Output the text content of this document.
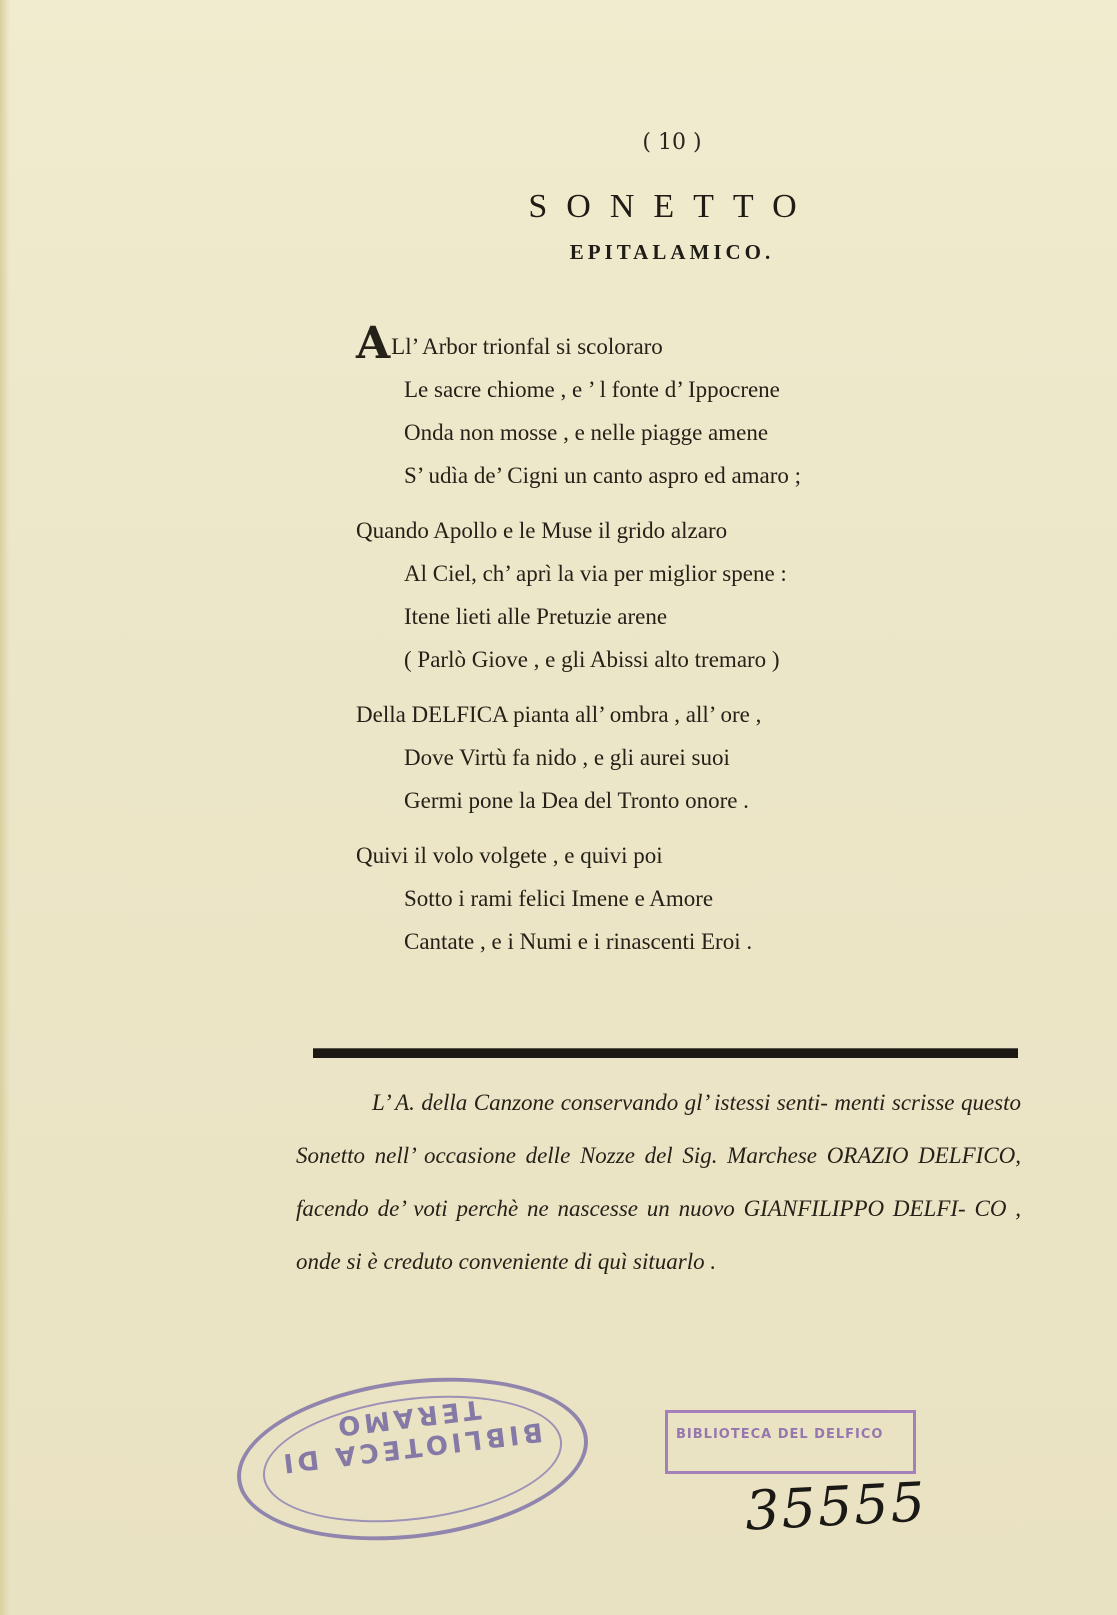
( 10 )
SONETTO
EPITALAMICO.
ALl’ Arbor trionfal si scoloraro
Le sacre chiome , e ’ l fonte d’ Ippocrene
Onda non mosse , e nelle piagge amene
S’ udìa de’ Cigni un canto aspro ed amaro ;
Quando Apollo e le Muse il grido alzaro
Al Ciel, ch’ aprì la via per miglior spene :
Itene lieti alle Pretuzie arene
( Parlò Giove , e gli Abissi alto tremaro )
Della DELFICA pianta all’ ombra , all’ ore ,
Dove Virtù fa nido , e gli aurei suoi
Germi pone la Dea del Tronto onore .
Quivi il volo volgete , e quivi poi
Sotto i rami felici Imene e Amore
Cantate , e i Numi e i rinascenti Eroi .

L’ A. della Canzone conservando gl’ istessi senti- menti scrisse questo Sonetto nell’ occasione delle Nozze del Sig. Marchese ORAZIO DELFICO, facendo de’ voti perchè ne nascesse un nuovo GIANFILIPPO DELFI- CO , onde si è creduto conveniente di quì situarlo .

BIBLIOTECA DI TERAMO	BIBLIOTECA DEL DELFICO
35555
